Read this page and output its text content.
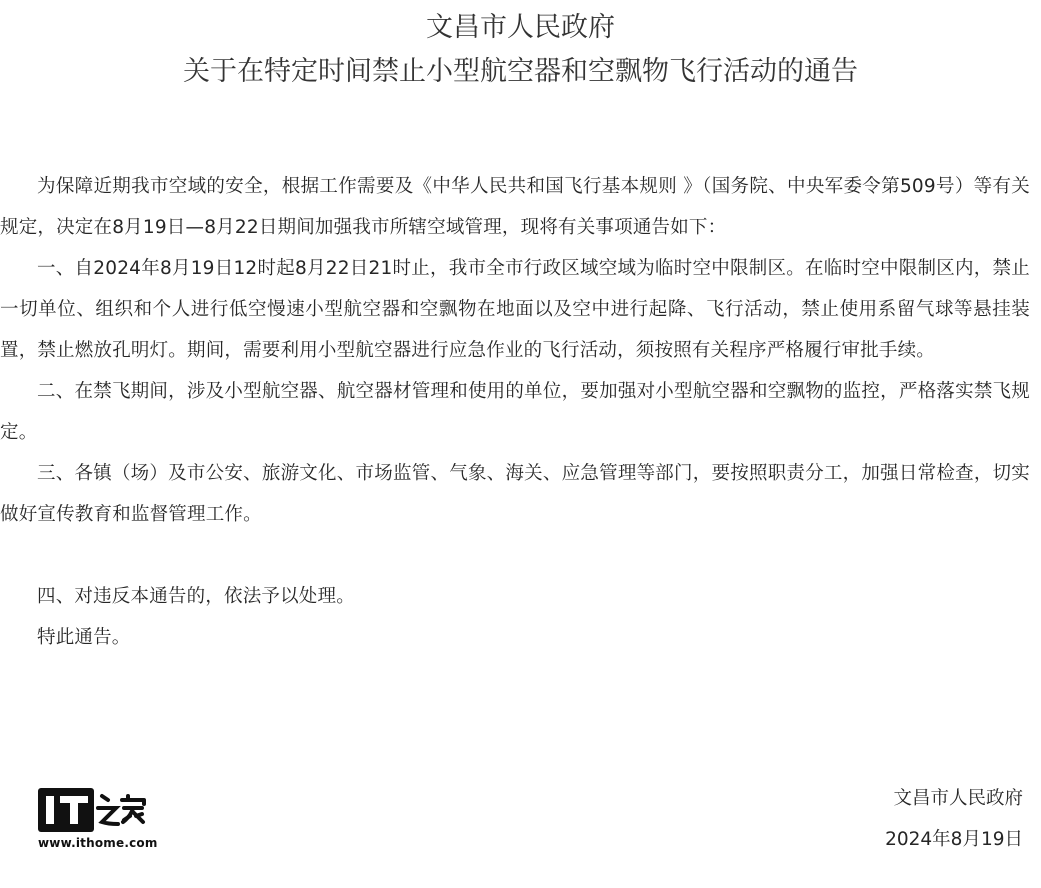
文昌市人民政府
关于在特定时间禁止小型航空器和空飘物飞行活动的通告

为保障近期我市空域的安全，根据工作需要及《中华人民共和国飞行基本规则 》（国务院、中央军委令第509号）等有关规定，决定在8月19日—8月22日期间加强我市所辖空域管理，现将有关事项通告如下：

一、自2024年8月19日12时起8月22日21时止，我市全市行政区域空域为临时空中限制区。在临时空中限制区内，禁止一切单位、组织和个人进行低空慢速小型航空器和空飘物在地面以及空中进行起降、飞行活动，禁止使用系留气球等悬挂装置，禁止燃放孔明灯。期间，需要利用小型航空器进行应急作业的飞行活动，须按照有关程序严格履行审批手续。

二、在禁飞期间，涉及小型航空器、航空器材管理和使用的单位，要加强对小型航空器和空飘物的监控，严格落实禁飞规定。

三、各镇（场）及市公安、旅游文化、市场监管、气象、海关、应急管理等部门，要按照职责分工，加强日常检查，切实做好宣传教育和监督管理工作。

四、对违反本通告的，依法予以处理。

特此通告。

www.ithome.com
文昌市人民政府
2024年8月19日
